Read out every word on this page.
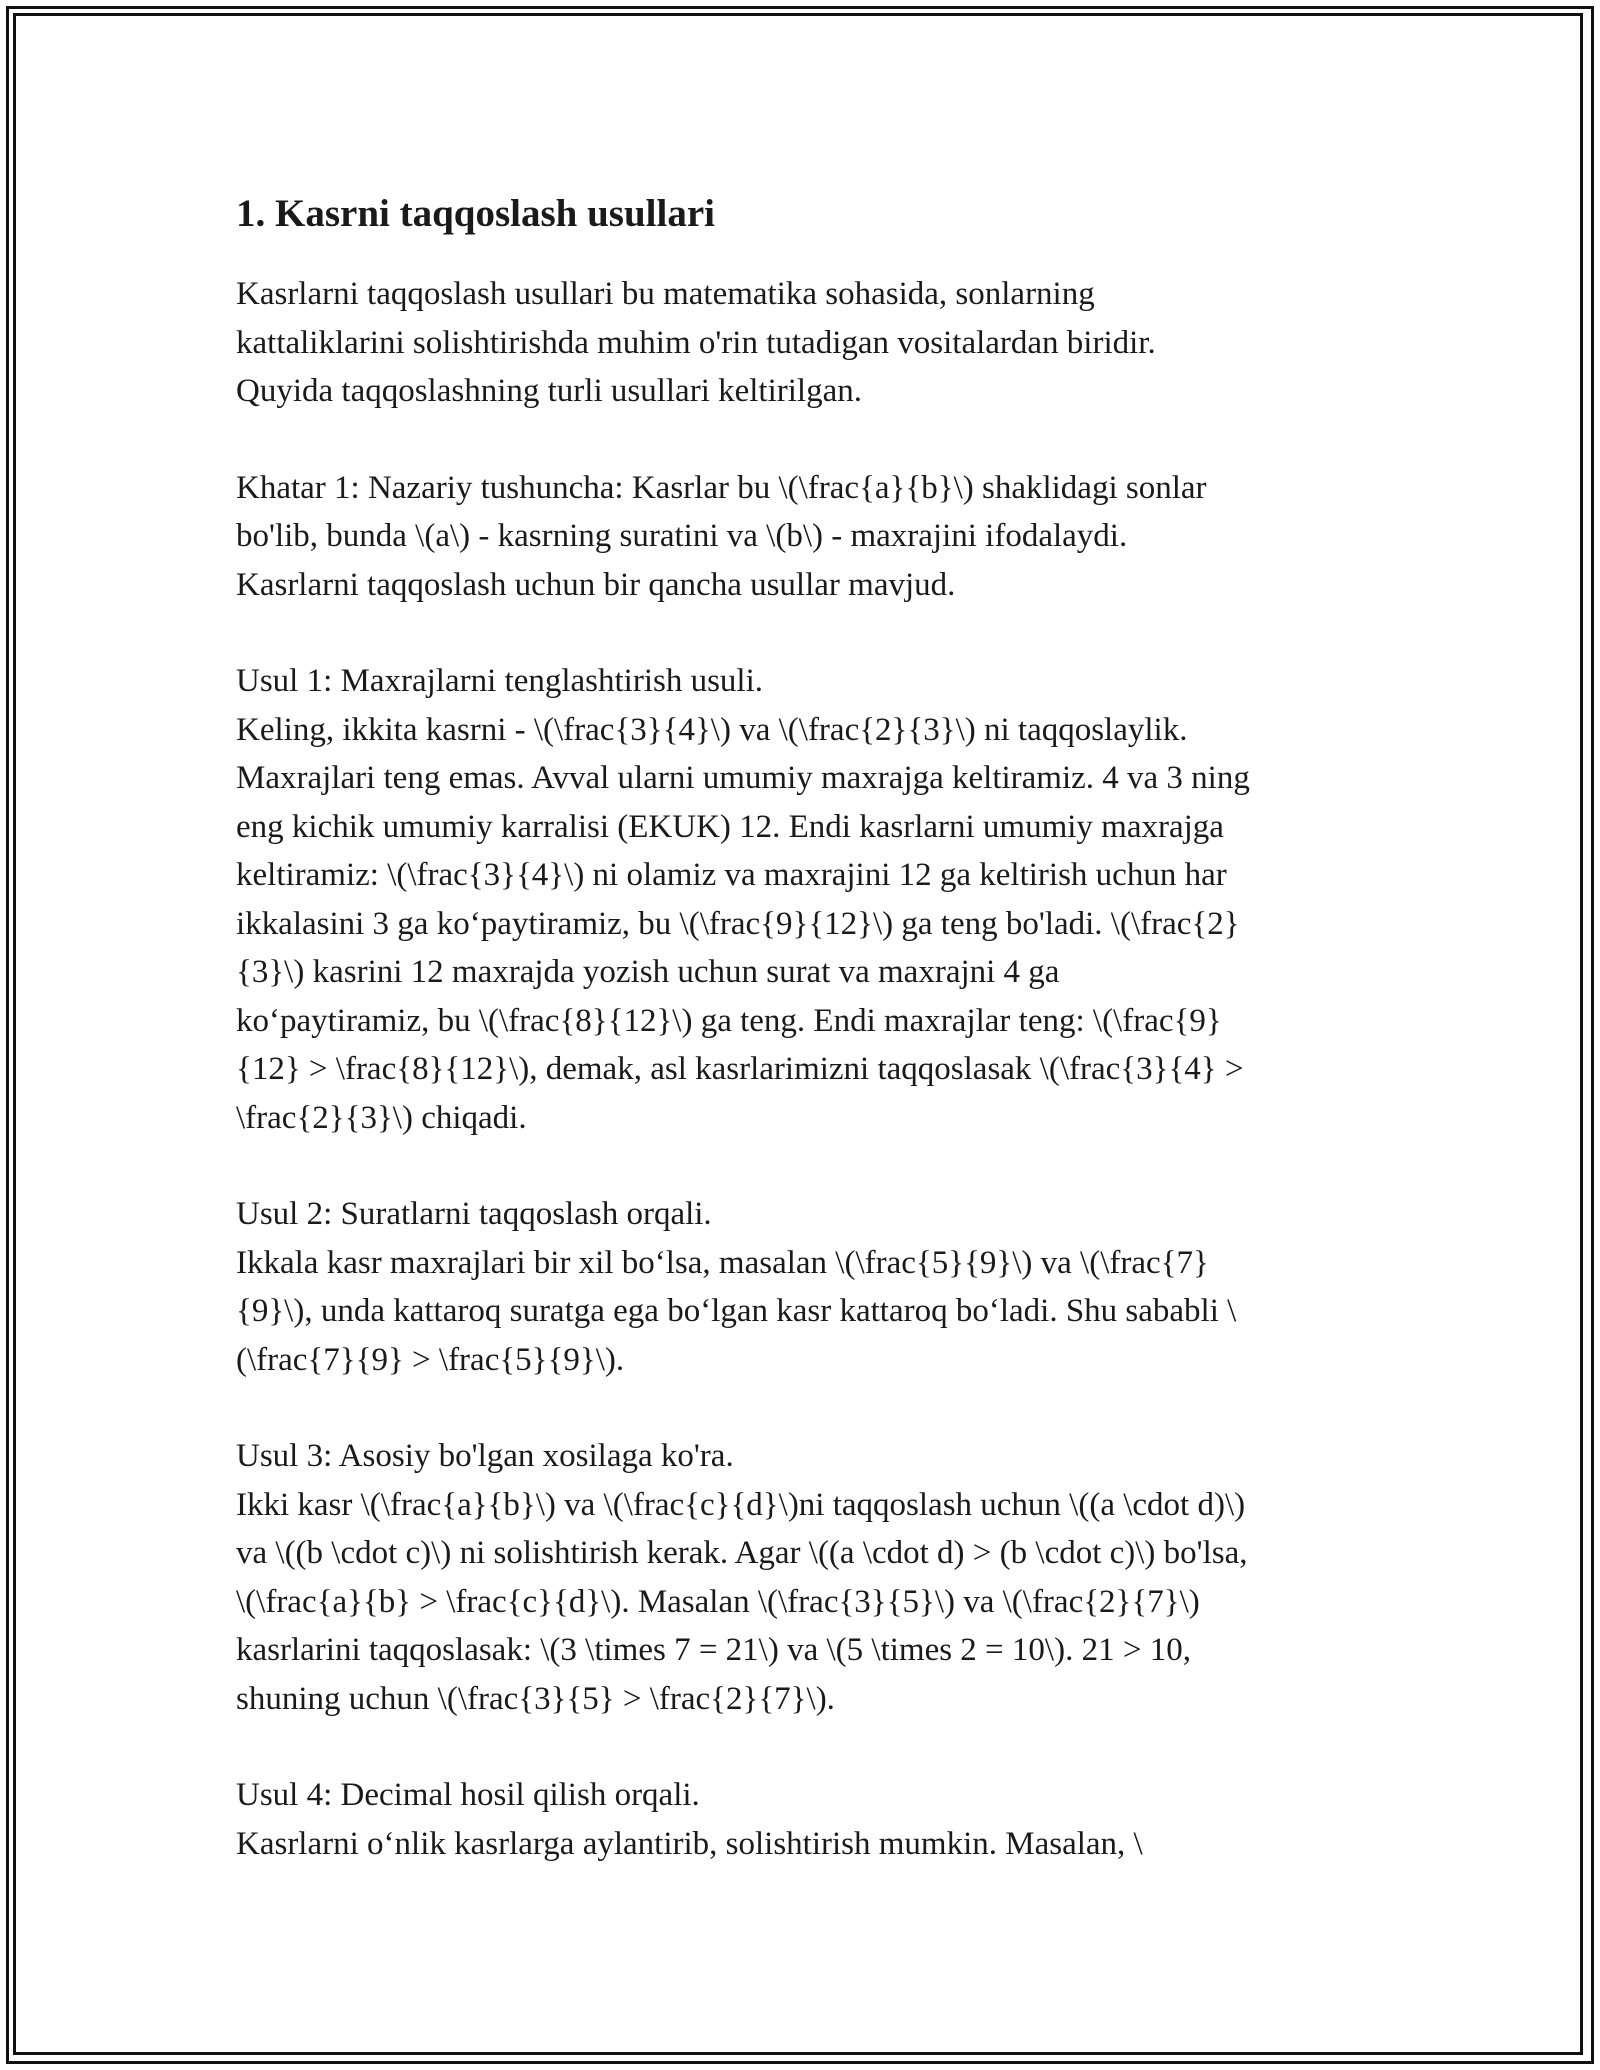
1. Kasrni taqqoslash usullari

Kasrlarni taqqoslash usullari bu matematika sohasida, sonlarning
kattaliklarini solishtirishda muhim o'rin tutadigan vositalardan biridir.
Quyida taqqoslashning turli usullari keltirilgan.

Khatar 1: Nazariy tushuncha: Kasrlar bu \(\frac{a}{b}\) shaklidagi sonlar
bo'lib, bunda \(a\) - kasrning suratini va \(b\) - maxrajini ifodalaydi.
Kasrlarni taqqoslash uchun bir qancha usullar mavjud.

Usul 1: Maxrajlarni tenglashtirish usuli.
Keling, ikkita kasrni - \(\frac{3}{4}\) va \(\frac{2}{3}\) ni taqqoslaylik.
Maxrajlari teng emas. Avval ularni umumiy maxrajga keltiramiz. 4 va 3 ning
eng kichik umumiy karralisi (EKUK) 12. Endi kasrlarni umumiy maxrajga
keltiramiz: \(\frac{3}{4}\) ni olamiz va maxrajini 12 ga keltirish uchun har
ikkalasini 3 ga ko‘paytiramiz, bu \(\frac{9}{12}\) ga teng bo'ladi. \(\frac{2}
{3}\) kasrini 12 maxrajda yozish uchun surat va maxrajni 4 ga
ko‘paytiramiz, bu \(\frac{8}{12}\) ga teng. Endi maxrajlar teng: \(\frac{9}
{12} > \frac{8}{12}\), demak, asl kasrlarimizni taqqoslasak \(\frac{3}{4} >
\frac{2}{3}\) chiqadi.

Usul 2: Suratlarni taqqoslash orqali.
Ikkala kasr maxrajlari bir xil bo‘lsa, masalan \(\frac{5}{9}\) va \(\frac{7}
{9}\), unda kattaroq suratga ega bo‘lgan kasr kattaroq bo‘ladi. Shu sababli \
(\frac{7}{9} > \frac{5}{9}\).

Usul 3: Asosiy bo'lgan xosilaga ko'ra.
Ikki kasr \(\frac{a}{b}\) va \(\frac{c}{d}\)ni taqqoslash uchun \((a \cdot d)\)
va \((b \cdot c)\) ni solishtirish kerak. Agar \((a \cdot d) > (b \cdot c)\) bo'lsa,
\(\frac{a}{b} > \frac{c}{d}\). Masalan \(\frac{3}{5}\) va \(\frac{2}{7}\)
kasrlarini taqqoslasak: \(3 \times 7 = 21\) va \(5 \times 2 = 10\). 21 > 10,
shuning uchun \(\frac{3}{5} > \frac{2}{7}\).

Usul 4: Decimal hosil qilish orqali.
Kasrlarni o‘nlik kasrlarga aylantirib, solishtirish mumkin. Masalan, \
